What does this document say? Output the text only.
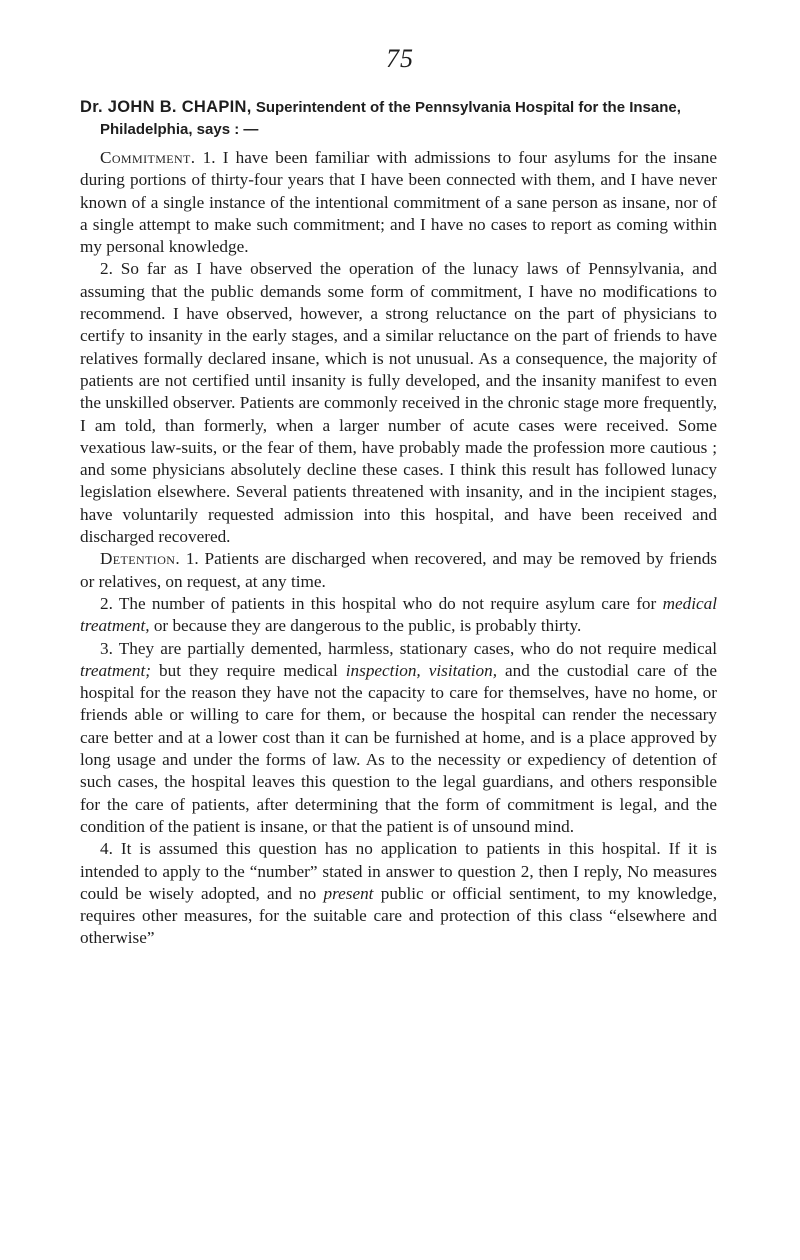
75
Dr. JOHN B. CHAPIN, Superintendent of the Pennsylvania Hospital for the Insane, Philadelphia, says : —

Commitment. 1. I have been familiar with admissions to four asylums for the insane during portions of thirty-four years that I have been connected with them, and I have never known of a single instance of the intentional commitment of a sane person as insane, nor of a single attempt to make such commitment; and I have no cases to report as coming within my personal knowledge.

2. So far as I have observed the operation of the lunacy laws of Pennsylvania, and assuming that the public demands some form of commitment, I have no modifications to recommend. I have observed, however, a strong reluctance on the part of physicians to certify to insanity in the early stages, and a similar reluctance on the part of friends to have relatives formally declared insane, which is not unusual. As a consequence, the majority of patients are not certified until insanity is fully developed, and the insanity manifest to even the unskilled observer. Patients are commonly received in the chronic stage more frequently, I am told, than formerly, when a larger number of acute cases were received. Some vexatious law-suits, or the fear of them, have probably made the profession more cautious ; and some physicians absolutely decline these cases. I think this result has followed lunacy legislation elsewhere. Several patients threatened with insanity, and in the incipient stages, have voluntarily requested admission into this hospital, and have been received and discharged recovered.

Detention. 1. Patients are discharged when recovered, and may be removed by friends or relatives, on request, at any time.

2. The number of patients in this hospital who do not require asylum care for medical treatment, or because they are dangerous to the public, is probably thirty.

3. They are partially demented, harmless, stationary cases, who do not require medical treatment; but they require medical inspection, visitation, and the custodial care of the hospital for the reason they have not the capacity to care for themselves, have no home, or friends able or willing to care for them, or because the hospital can render the necessary care better and at a lower cost than it can be furnished at home, and is a place approved by long usage and under the forms of law. As to the necessity or expediency of detention of such cases, the hospital leaves this question to the legal guardians, and others responsible for the care of patients, after determining that the form of commitment is legal, and the condition of the patient is insane, or that the patient is of unsound mind.

4. It is assumed this question has no application to patients in this hospital. If it is intended to apply to the “number” stated in answer to question 2, then I reply, No measures could be wisely adopted, and no present public or official sentiment, to my knowledge, requires other measures, for the suitable care and protection of this class “elsewhere and otherwise”
